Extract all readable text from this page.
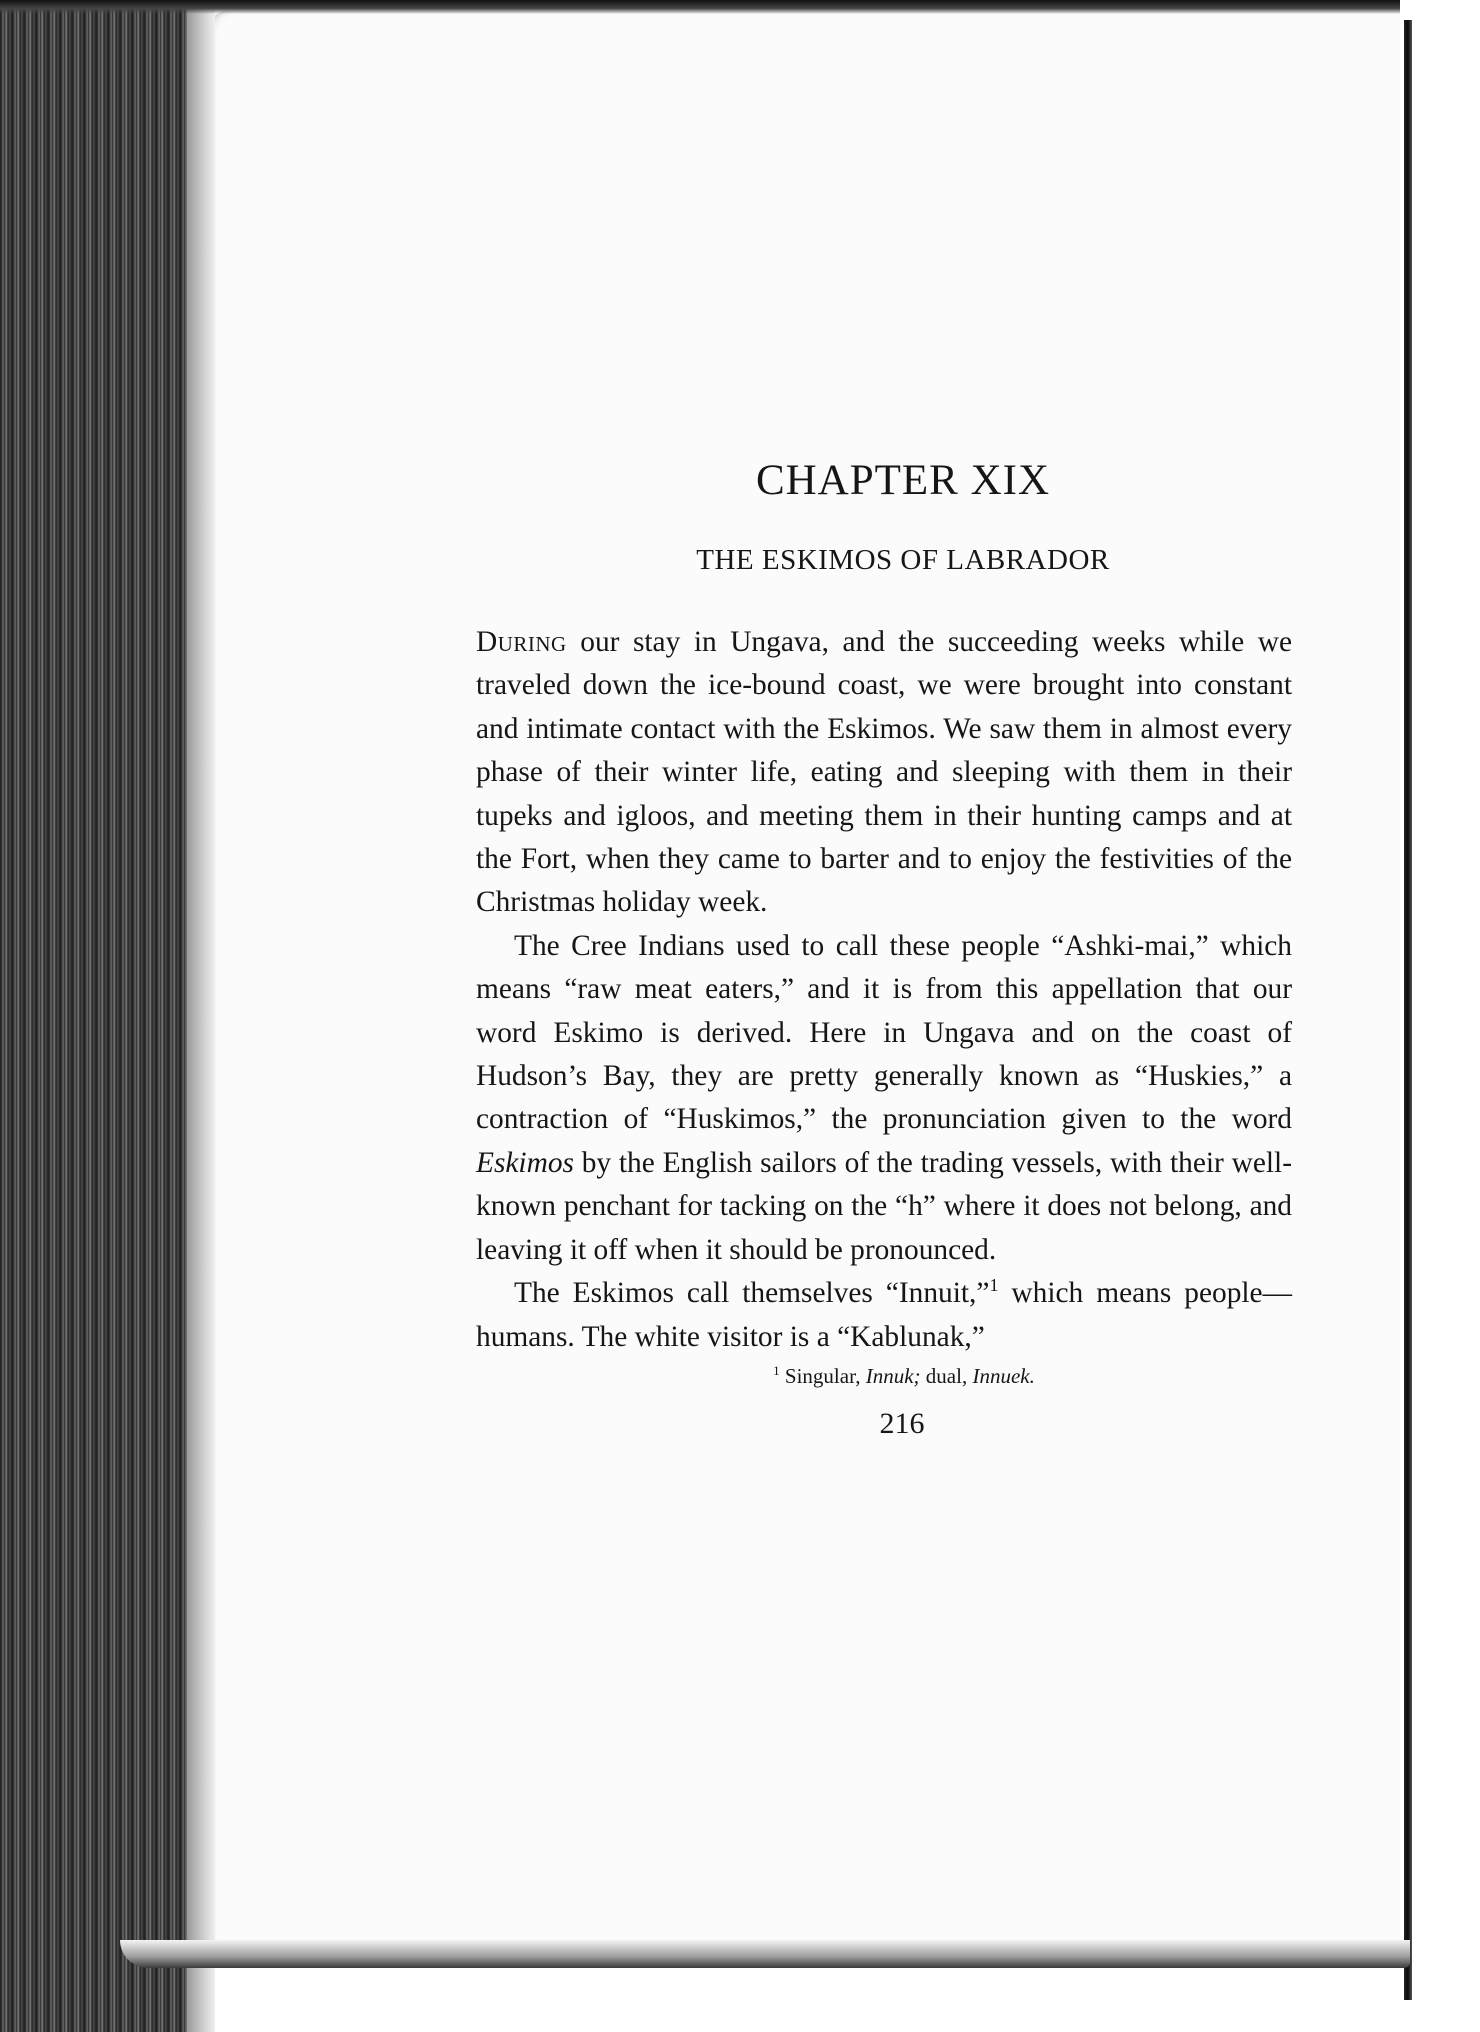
CHAPTER XIX
THE ESKIMOS OF LABRADOR

During our stay in Ungava, and the succeeding weeks while we traveled down the ice-bound coast, we were brought into constant and intimate contact with the Eskimos. We saw them in almost every phase of their winter life, eating and sleeping with them in their tupeks and igloos, and meeting them in their hunting camps and at the Fort, when they came to barter and to enjoy the festivities of the Christmas holiday week.

The Cree Indians used to call these people “Ashki-mai,” which means “raw meat eaters,” and it is from this appellation that our word Eskimo is derived. Here in Ungava and on the coast of Hudson’s Bay, they are pretty generally known as “Huskies,” a contraction of “Huskimos,” the pronunciation given to the word Eskimos by the English sailors of the trading vessels, with their well-known penchant for tacking on the “h” where it does not belong, and leaving it off when it should be pronounced.

The Eskimos call themselves “Innuit,”$^1$ which means people—humans. The white visitor is a “Kablunak,”

$^1$ Singular, Innuk; dual, Innuek.
216
